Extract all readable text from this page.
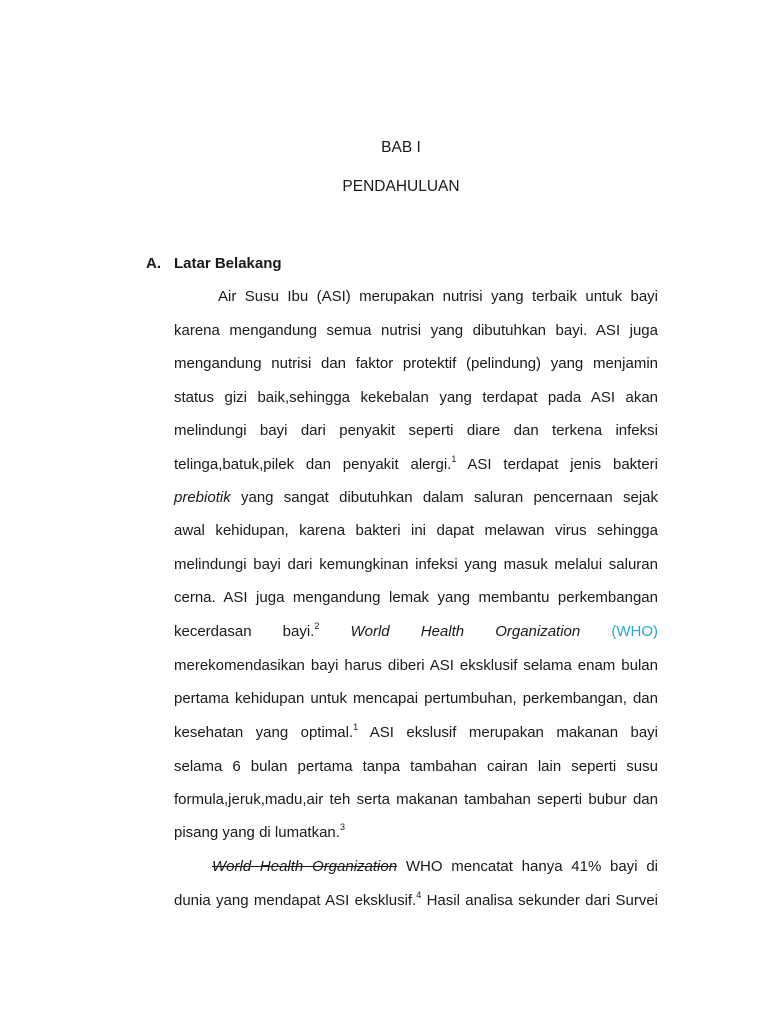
BAB I
PENDAHULUAN
A. Latar Belakang
Air Susu Ibu (ASI) merupakan nutrisi yang terbaik untuk bayi
karena mengandung semua nutrisi yang dibutuhkan bayi. ASI juga
mengandung nutrisi dan faktor protektif (pelindung) yang menjamin
status gizi baik,sehingga kekebalan yang terdapat pada ASI akan
melindungi bayi dari penyakit seperti diare dan terkena infeksi
telinga,batuk,pilek dan penyakit alergi.$^1$ ASI terdapat jenis bakteri
prebiotik yang sangat dibutuhkan dalam saluran pencernaan sejak
awal kehidupan, karena bakteri ini dapat melawan virus sehingga
melindungi bayi dari kemungkinan infeksi yang masuk melalui saluran
cerna. ASI juga mengandung lemak yang membantu perkembangan
kecerdasan bayi.$^2$ World Health Organization (WHO)
merekomendasikan bayi harus diberi ASI eksklusif selama enam bulan
pertama kehidupan untuk mencapai pertumbuhan, perkembangan, dan
kesehatan yang optimal.$^1$ ASI ekslusif merupakan makanan bayi
selama 6 bulan pertama tanpa tambahan cairan lain seperti susu
formula,jeruk,madu,air teh serta makanan tambahan seperti bubur dan
pisang yang di lumatkan.$^3$
World Health Organization WHO mencatat hanya 41% bayi di
dunia yang mendapat ASI eksklusif.$^4$ Hasil analisa sekunder dari Survei
